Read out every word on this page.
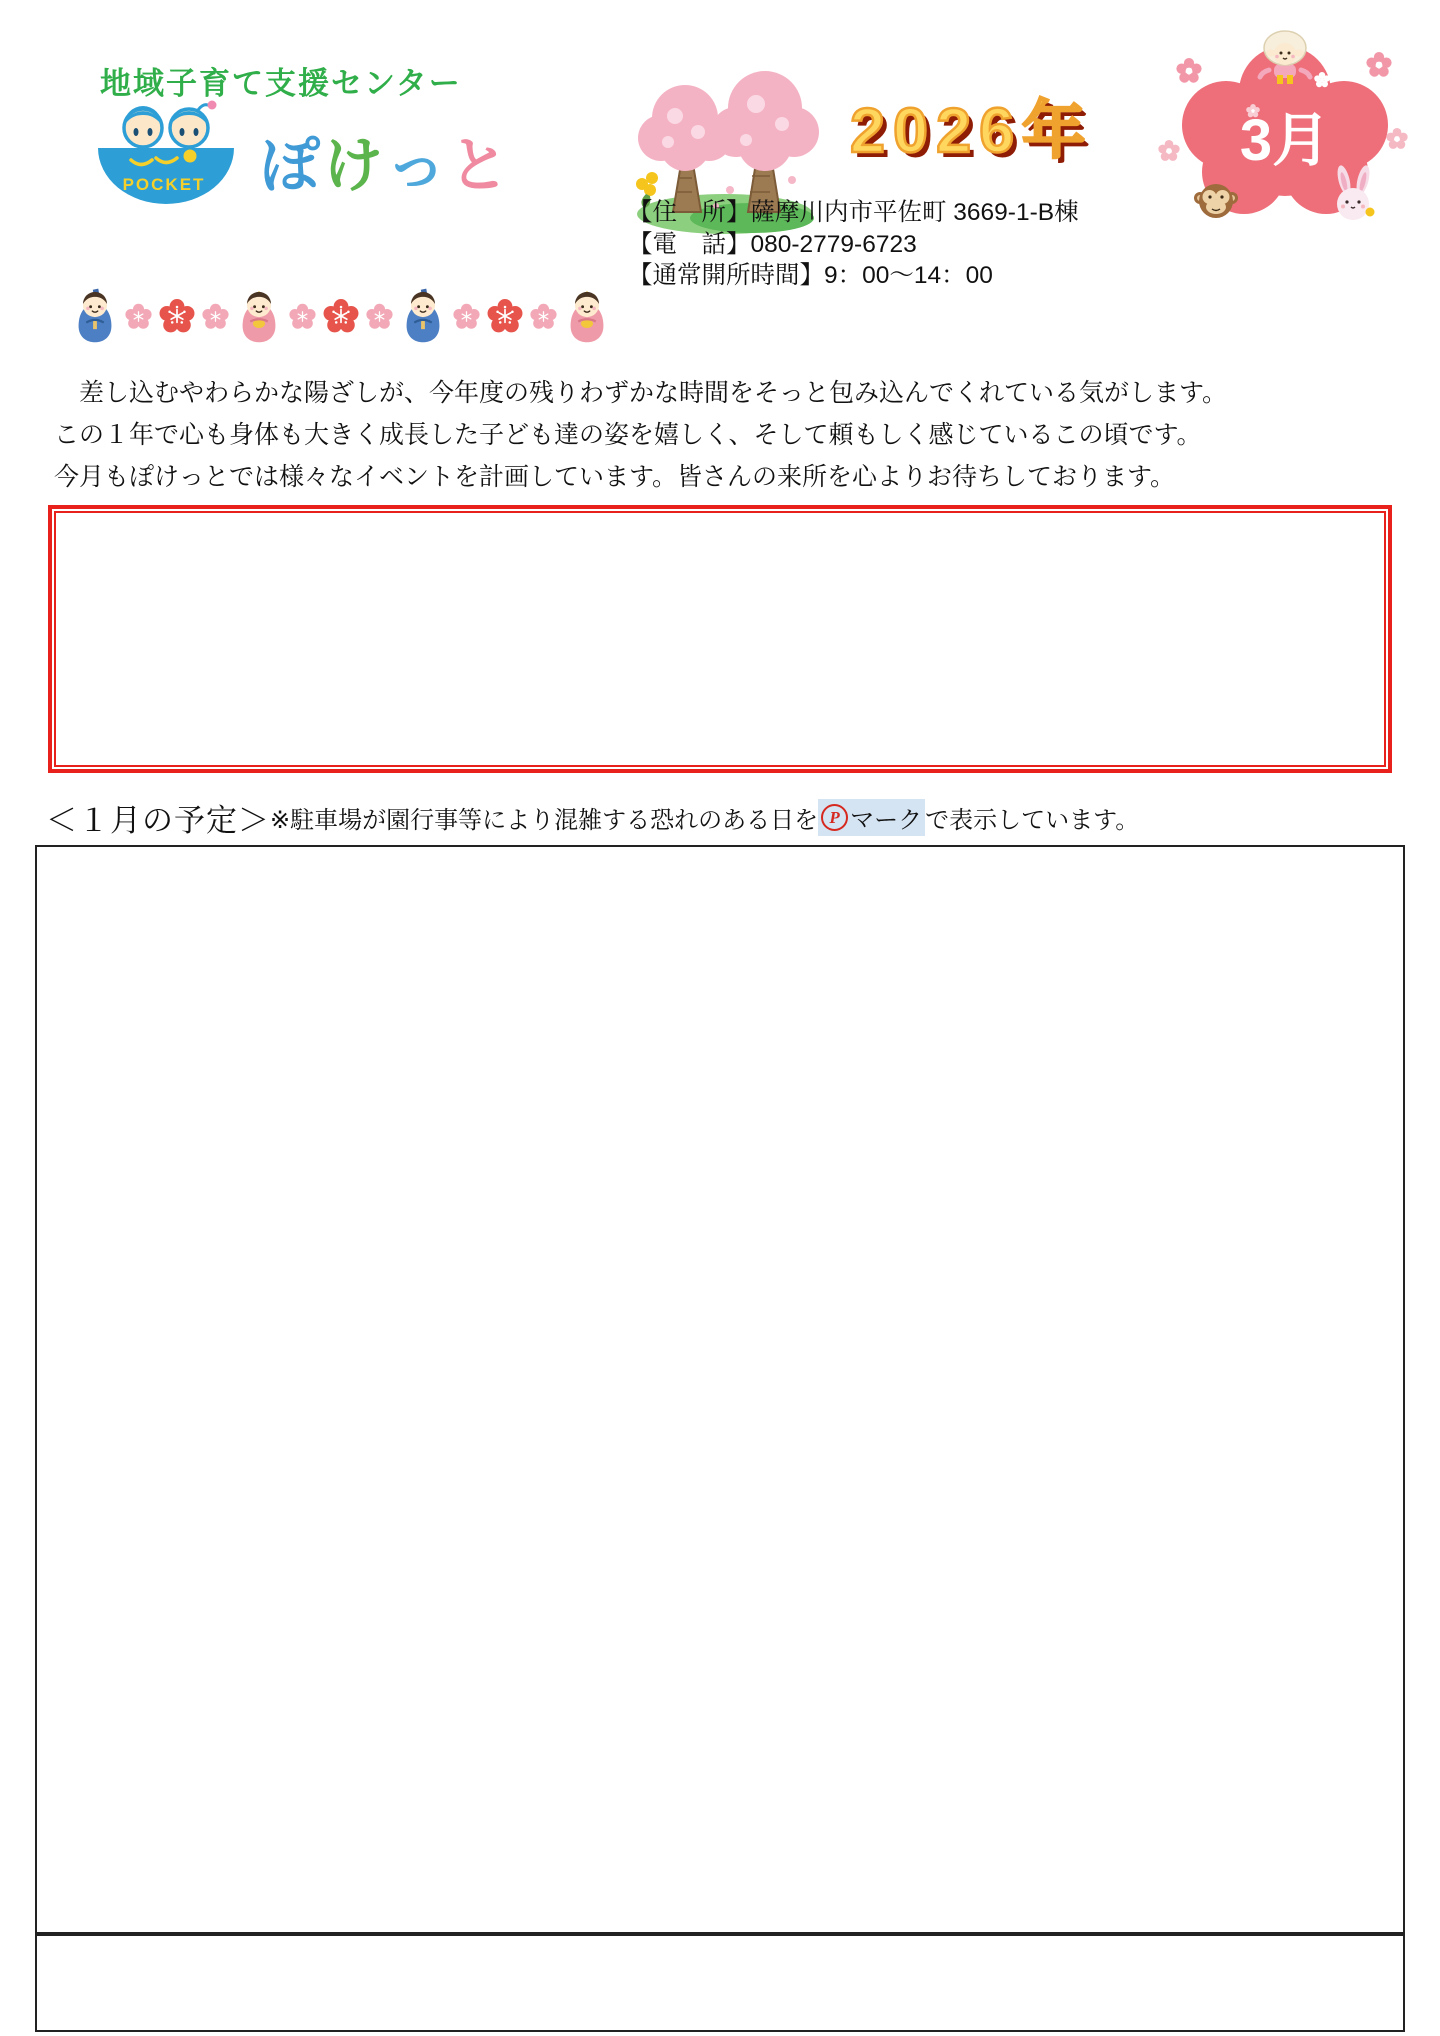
地域子育て支援センター
POCKET ぽ け っ と	2026年	3月
【住　所】薩摩川内市平佐町 3669-1-B棟
【電　話】080-2779-6723
【通常開所時間】9：00～14：00
　差し込むやわらかな陽ざしが、今年度の残りわずかな時間をそっと包み込んでくれている気がします。
この１年で心も身体も大きく成長した子ども達の姿を嬉しく、そして頼もしく感じているこの頃です。
今月もぽけっとでは様々なイベントを計画しています。皆さんの来所を心よりお待ちしております。
＜１月の予定＞ ※駐車場が園行事等により混雑する恐れのある日を P マーク で表示しています。
